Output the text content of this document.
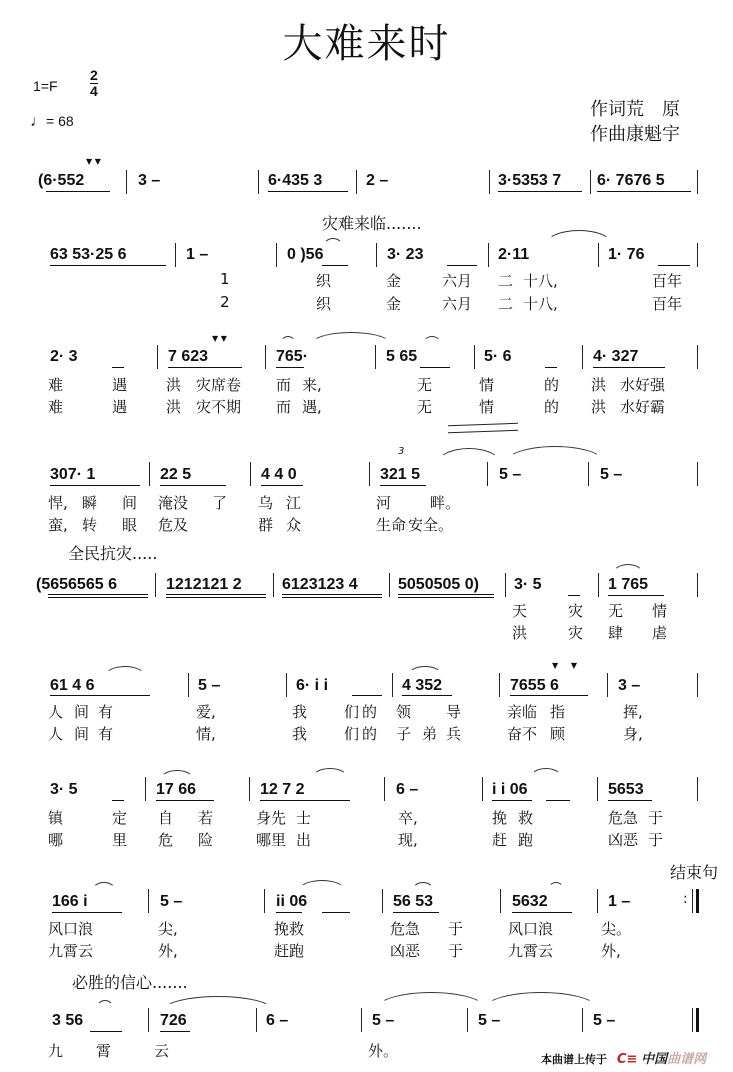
大难来时
1=F
2
4
♩= 68
作词荒　原
作曲康魁宇
(6·552
▼ ▼
3 –	6·435 3	2 –	3·5353 7 6· 7676 5
灾难来临.......
63 53·25 6	1 –	0 )56	3· 23	2·11	1· 76
1
2
织	金	六月 二 十八,	百年
织	金	六月 二 十八,	百年
2· 3	7 623
▼ ▼
765·	5 65	5· 6	4· 327
难	遇	洪 灾席卷 而 来,	无	情	的 洪 水好强
难	遇	洪 灾不期 而 遇,	无	情	的 洪 水好霸
307· 1	22 5	4 4 0	321 5
3
5 –	5 –
悍, 瞬 间 淹没 了 乌 江	河	畔。
蛮, 转 眼 危及	群 众	生命 安全。
全民抗灾.....
(5656565 6	1212121 2	6123123 4	5050505 0) 3· 5	1 765
天	灾 无 情
洪	灾 肆 虐
61 4 6	5 –	6· i i	4 352	7655 6
▼     ▼
3 –
人 间 有	爱,	我 们 的 领 导	亲临 指	挥,
人 间 有	情,	我 们 的 子 弟 兵	奋不 顾	身,
3· 5	17 66	12 7 2	6 –	i i 06	5653
镇	定 自 若	身先 士	卒,	挽 救	危急 于
哪	里 危 险	哪里 出	现,	赶 跑	凶恶 于
结束句
166 i	5 –	ii 06	56 53	5632	1 –	:
风口浪	尖,	挽救	危急 于	风口浪	尖。
九霄云	外,	赶跑	凶恶 于	九霄云	外,
必胜的信心.......
3 56	726	6 –	5 –	5 –	5 –
九 霄	云	外。	本曲谱上传于 C≡ 中国曲谱网
